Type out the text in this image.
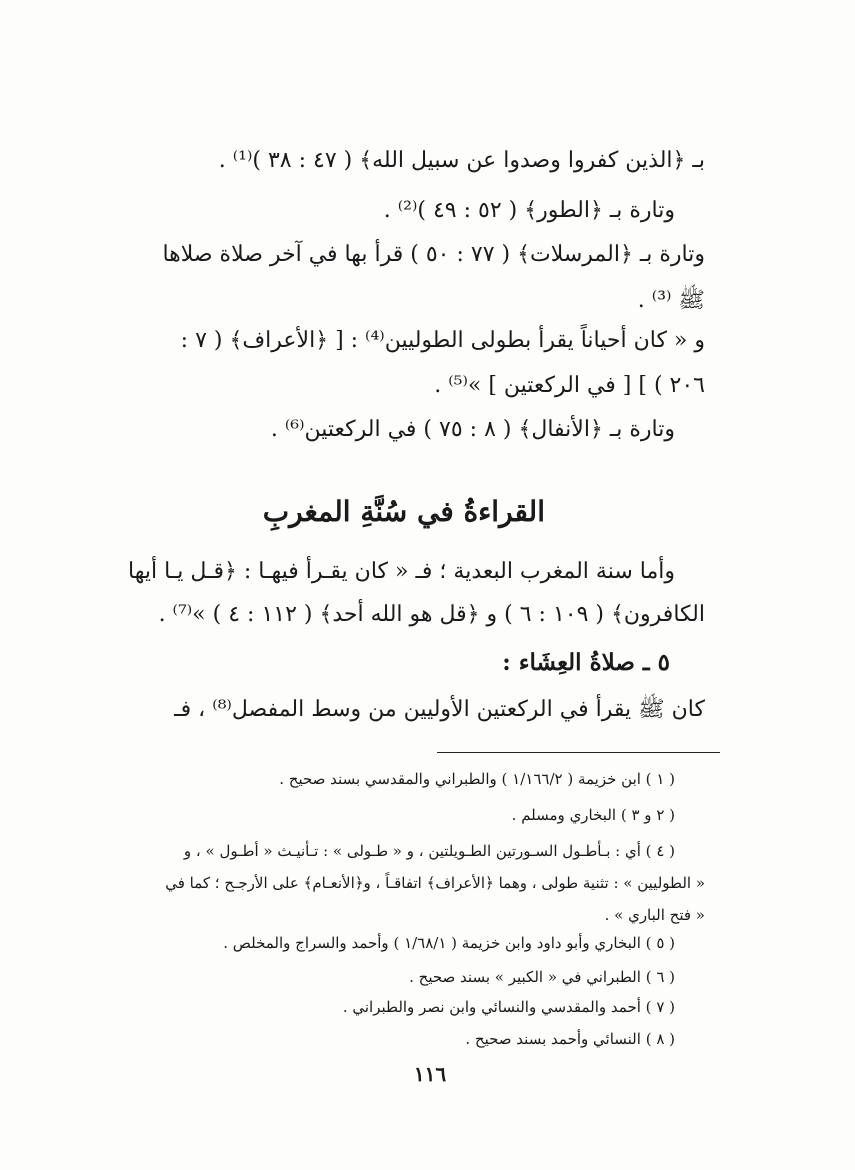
بـ ﴿الذين كفروا وصدوا عن سبيل الله﴾ ( ٤٧ : ٣٨ )⁽¹⁾ .
وتارة بـ ﴿الطور﴾ ( ٥٢ : ٤٩ )⁽²⁾ .
وتارة بـ ﴿المرسلات﴾ ( ٧٧ : ٥٠ ) قرأ بها في آخر صلاة صلاها
ﷺ ⁽³⁾ .
و « كان أحياناً يقرأ بطولى الطوليين⁽⁴⁾ : [ ﴿الأعراف﴾ ( ٧ :
٢٠٦ ) ] [ في الركعتين ] »⁽⁵⁾ .
وتارة بـ ﴿الأنفال﴾ ( ٨ : ٧٥ ) في الركعتين⁽⁶⁾ .
القراءةُ في سُنَّةِ المغربِ
وأما سنة المغرب البعدية ؛ فـ « كان يقـرأ فيهـا : ﴿قـل يـا أيها
الكافرون﴾ ( ١٠٩ : ٦ ) و ﴿قل هو الله أحد﴾ ( ١١٢ : ٤ ) »⁽⁷⁾ .
٥ ـ صلاةُ العِشَاء :
كان ﷺ يقرأ في الركعتين الأوليين من وسط المفصل⁽⁸⁾ ، فـ
( ١ ) ابن خزيمة ( ١/١٦٦/٢ ) والطبراني والمقدسي بسند صحيح .
( ٢ و ٣ ) البخاري ومسلم .
( ٤ ) أي : بـأطـول السـورتين الطـويلتين ، و « طـولى » : تـأنيـث « أطـول » ، و
« الطوليين » : تثنية طولى ، وهما ﴿الأعراف﴾ اتفاقـاً ، و﴿الأنعـام﴾ على الأرجـح ؛ كما في
« فتح الباري » .
( ٥ ) البخاري وأبو داود وابن خزيمة ( ١/٦٨/١ ) وأحمد والسراج والمخلص .
( ٦ ) الطبراني في « الكبير » بسند صحيح .
( ٧ ) أحمد والمقدسي والنسائي وابن نصر والطبراني .
( ٨ ) النسائي وأحمد بسند صحيح .
١١٦
